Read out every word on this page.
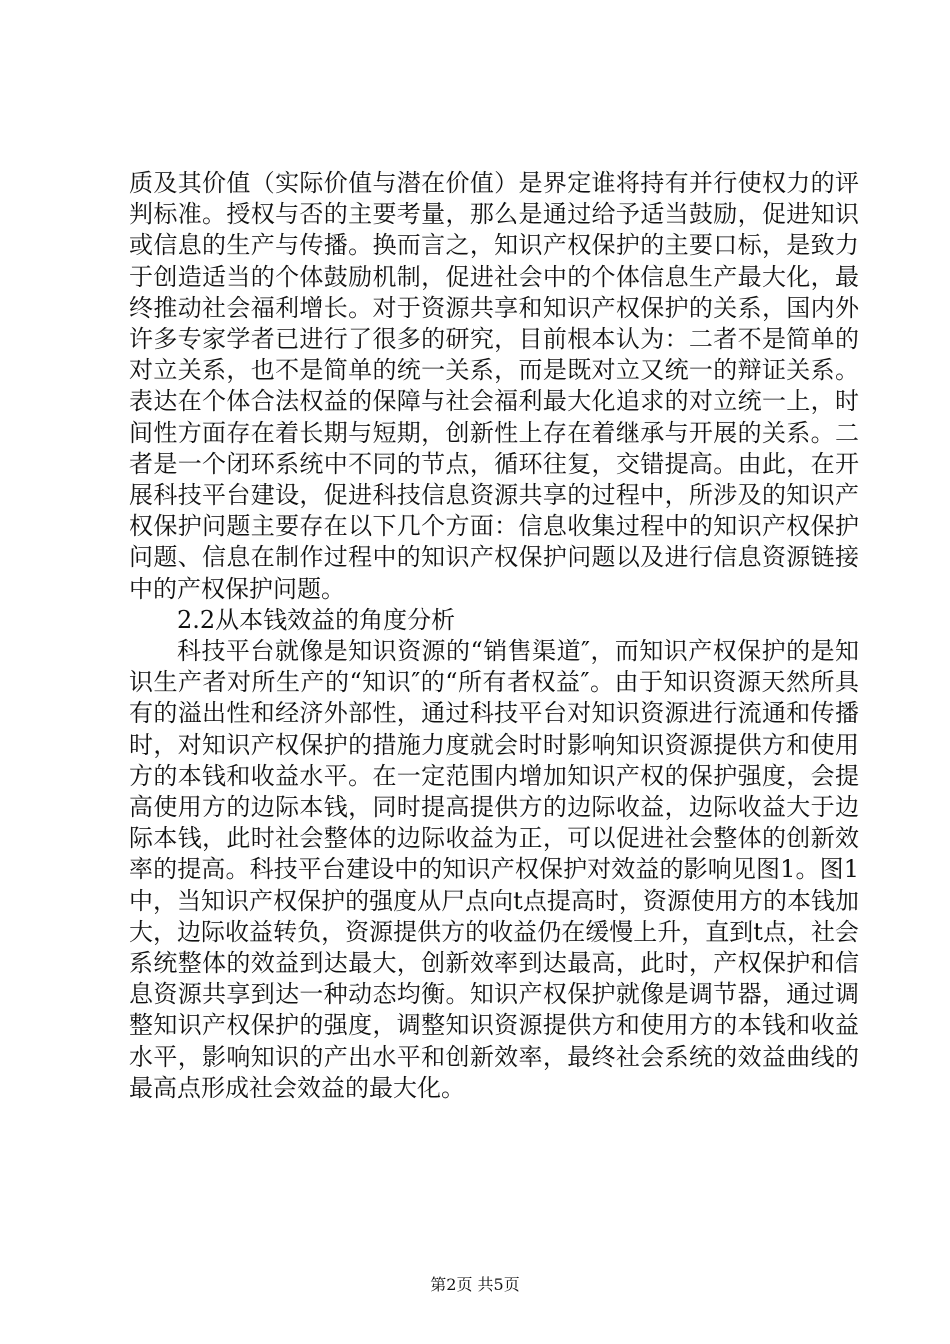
质及其价值（实际价值与潜在价值）是界定谁将持有并行使权力的评判标准。授权与否的主要考量，那么是通过给予适当鼓励，促进知识或信息的生产与传播。换而言之，知识产权保护的主要口标，是致力于创造适当的个体鼓励机制，促进社会中的个体信息生产最大化，最终推动社会福利增长。对于资源共享和知识产权保护的关系，国内外许多专家学者已进行了很多的研究，目前根本认为：二者不是简单的对立关系，也不是简单的统一关系，而是既对立又统一的辩证关系。表达在个体合法权益的保障与社会福利最大化追求的对立统一上，时间性方面存在着长期与短期，创新性上存在着继承与开展的关系。二者是一个闭环系统中不同的节点，循环往复，交错提高。由此，在开展科技平台建设，促进科技信息资源共享的过程中，所涉及的知识产权保护问题主要存在以下几个方面：信息收集过程中的知识产权保护问题、信息在制作过程中的知识产权保护问题以及进行信息资源链接中的产权保护问题。

2.2从本钱效益的角度分析

科技平台就像是知识资源的“销售渠道″，而知识产权保护的是知识生产者对所生产的“知识″的“所有者权益″。由于知识资源天然所具有的溢出性和经济外部性，通过科技平台对知识资源进行流通和传播时，对知识产权保护的措施力度就会时时影响知识资源提供方和使用方的本钱和收益水平。在一定范围内增加知识产权的保护强度，会提高使用方的边际本钱，同时提高提供方的边际收益，边际收益大于边际本钱，此时社会整体的边际收益为正，可以促进社会整体的创新效率的提高。科技平台建设中的知识产权保护对效益的影响见图1。图1中，当知识产权保护的强度从尸点向t点提高时，资源使用方的本钱加大，边际收益转负，资源提供方的收益仍在缓慢上升，直到t点，社会系统整体的效益到达最大，创新效率到达最高，此时，产权保护和信息资源共享到达一种动态均衡。知识产权保护就像是调节器，通过调整知识产权保护的强度，调整知识资源提供方和使用方的本钱和收益水平，影响知识的产出水平和创新效率，最终社会系统的效益曲线的最高点形成社会效益的最大化。

第2页 共5页
